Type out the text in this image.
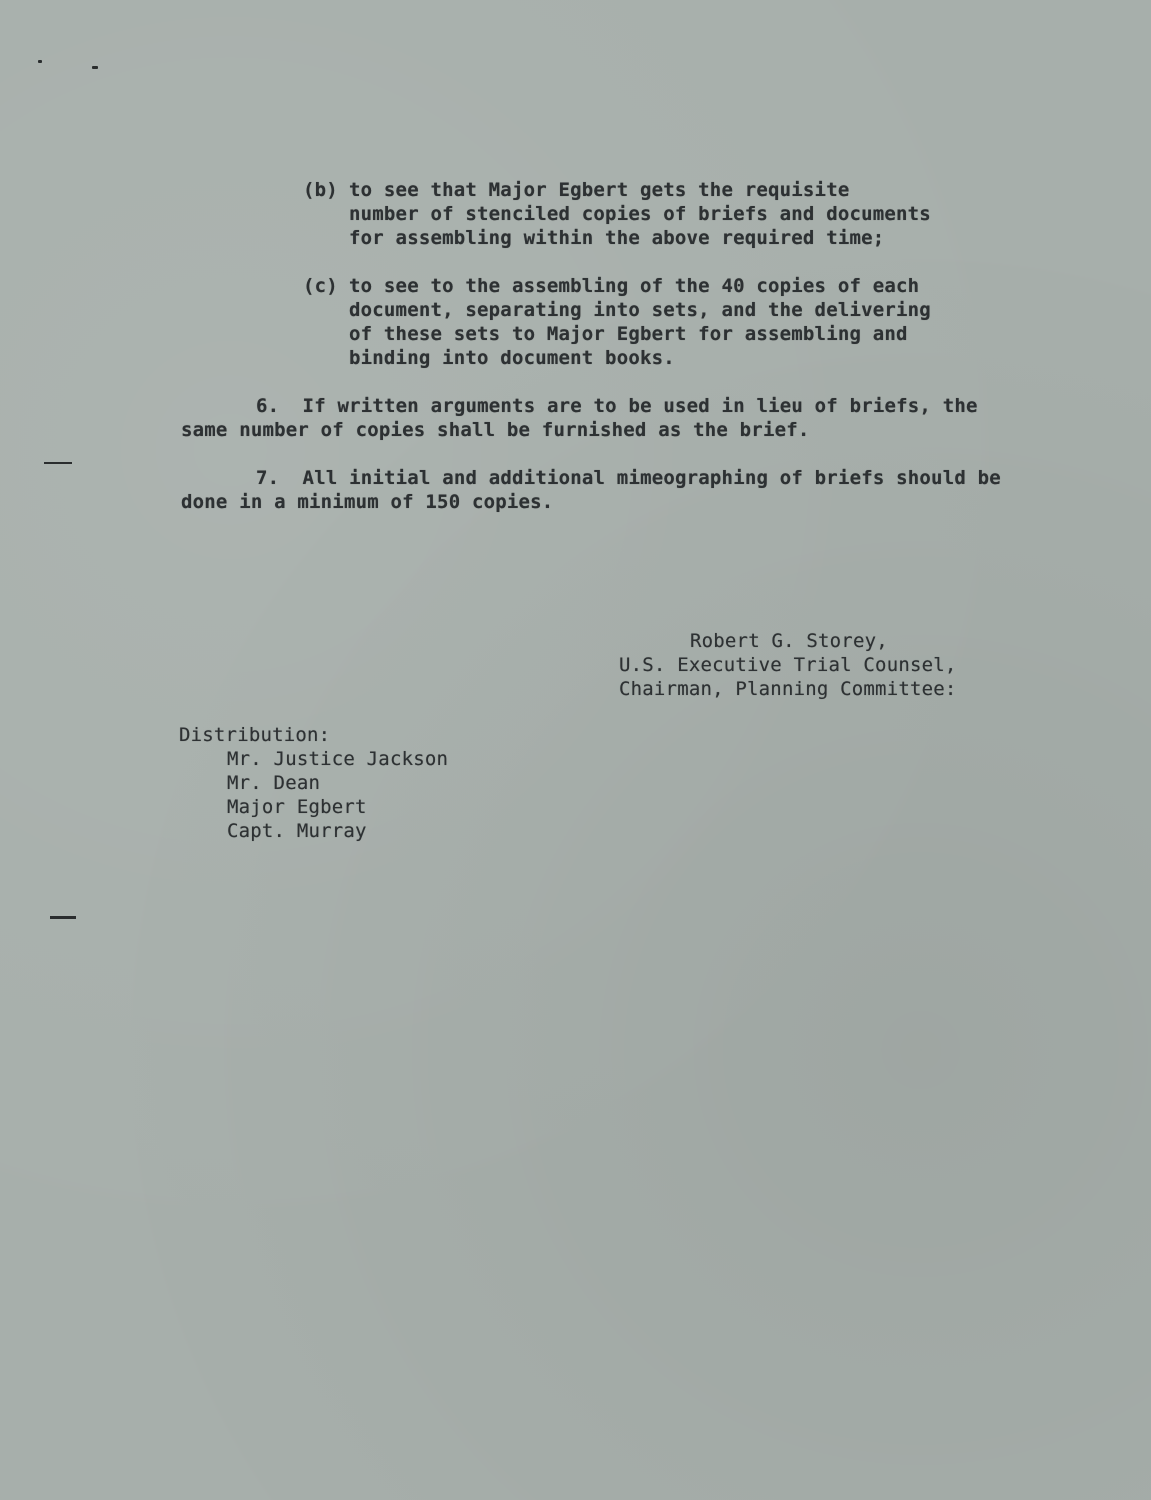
(b) to see that Major Egbert gets the requisite
number of stenciled copies of briefs and documents
for assembling within the above required time;
(c) to see to the assembling of the 40 copies of each
document, separating into sets, and the delivering
of these sets to Major Egbert for assembling and
binding into document books.
6.  If written arguments are to be used in lieu of briefs, the
same number of copies shall be furnished as the brief.
7.  All initial and additional mimeographing of briefs should be
done in a minimum of 150 copies.
Robert G. Storey,
U.S. Executive Trial Counsel,
Chairman, Planning Committee:
Distribution:
Mr. Justice Jackson
Mr. Dean
Major Egbert
Capt. Murray
